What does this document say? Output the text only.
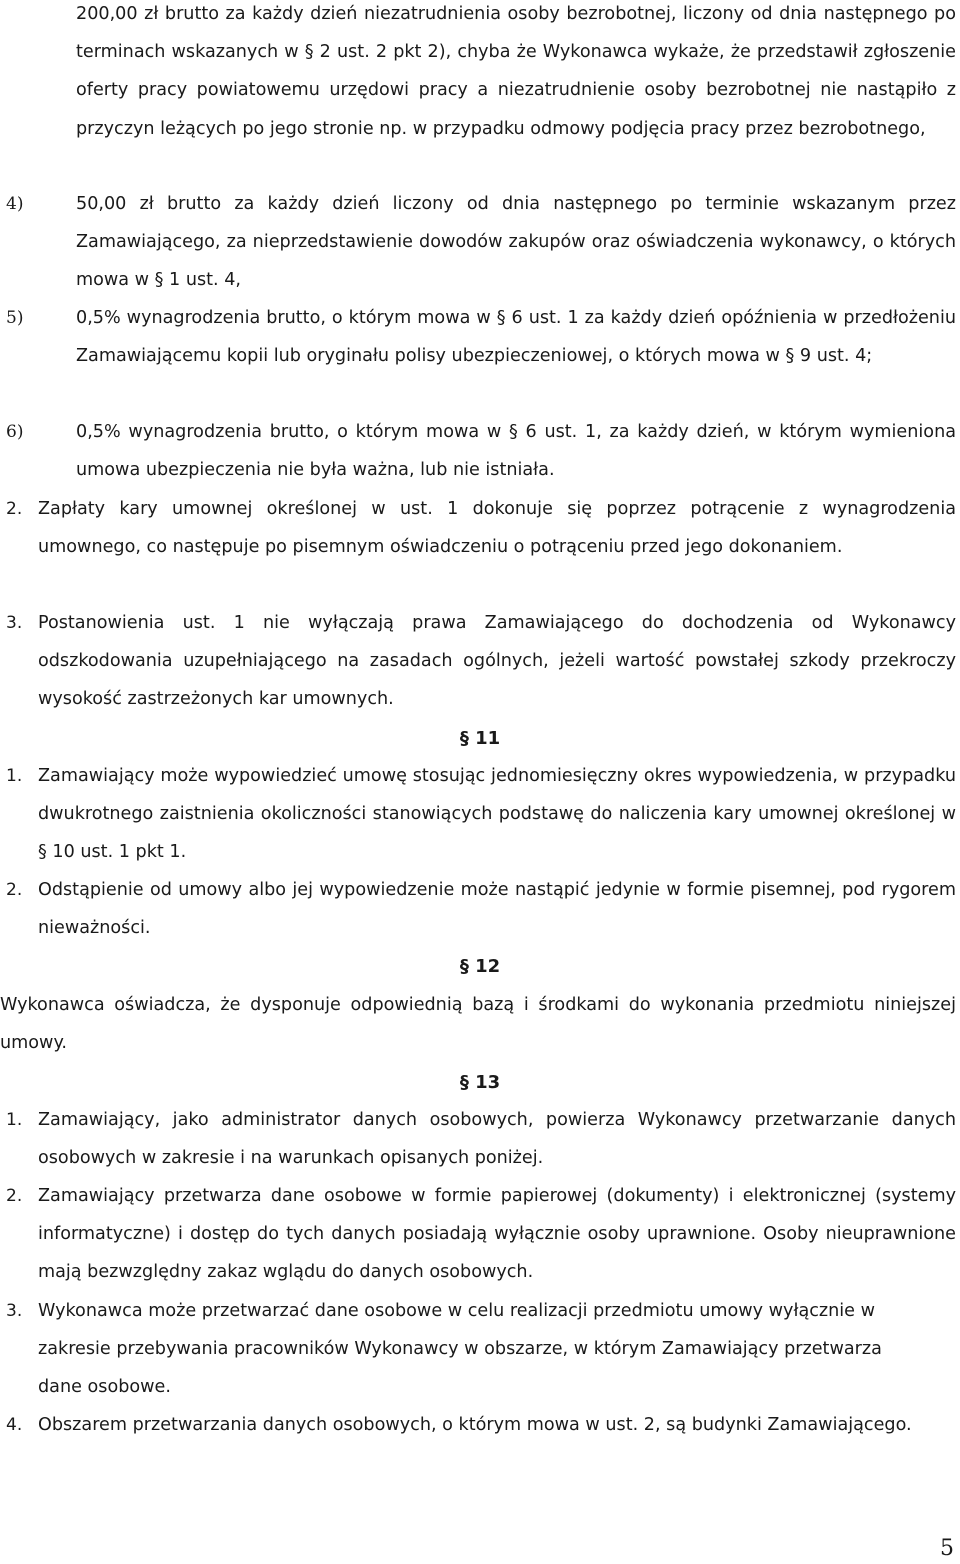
200,00 zł brutto za każdy dzień niezatrudnienia osoby bezrobotnej, liczony od dnia następnego po terminach wskazanych w § 2 ust. 2 pkt 2), chyba że Wykonawca wykaże, że przedstawił zgłoszenie oferty pracy powiatowemu urzędowi pracy a niezatrudnienie osoby bezrobotnej nie nastąpiło z przyczyn leżących po jego stronie np. w przypadku odmowy podjęcia pracy przez bezrobotnego,

4)	50,00 zł brutto za każdy dzień liczony od dnia następnego po terminie wskazanym przez Zamawiającego, za nieprzedstawienie dowodów zakupów oraz oświadczenia wykonawcy, o których mowa w § 1 ust. 4,

5)	0,5% wynagrodzenia brutto, o którym mowa w § 6 ust. 1 za każdy dzień opóźnienia w przedłożeniu Zamawiającemu kopii lub oryginału polisy ubezpieczeniowej, o których mowa w § 9 ust. 4;

6)	0,5% wynagrodzenia brutto, o którym mowa w § 6 ust. 1, za każdy dzień, w którym wymieniona umowa ubezpieczenia nie była ważna, lub nie istniała.

2. Zapłaty kary umownej określonej w ust. 1 dokonuje się poprzez potrącenie z wynagrodzenia umownego, co następuje po pisemnym oświadczeniu o potrąceniu przed jego dokonaniem.

3. Postanowienia ust. 1 nie wyłączają prawa Zamawiającego do dochodzenia od Wykonawcy odszkodowania uzupełniającego na zasadach ogólnych, jeżeli wartość powstałej szkody przekroczy wysokość zastrzeżonych kar umownych.

§ 11
1. Zamawiający może wypowiedzieć umowę stosując jednomiesięczny okres wypowiedzenia, w przypadku dwukrotnego zaistnienia okoliczności stanowiących podstawę do naliczenia kary umownej określonej w § 10 ust. 1 pkt 1.

2. Odstąpienie od umowy albo jej wypowiedzenie może nastąpić jedynie w formie pisemnej, pod rygorem nieważności.

§ 12

Wykonawca oświadcza, że dysponuje odpowiednią bazą i środkami do wykonania przedmiotu niniejszej umowy.

§ 13
1. Zamawiający, jako administrator danych osobowych, powierza Wykonawcy przetwarzanie danych osobowych w zakresie i na warunkach opisanych poniżej.

2. Zamawiający przetwarza dane osobowe w formie papierowej (dokumenty) i elektronicznej (systemy informatyczne) i dostęp do tych danych posiadają wyłącznie osoby uprawnione. Osoby nieuprawnione mają bezwzględny zakaz wglądu do danych osobowych.

3. Wykonawca może przetwarzać dane osobowe w celu realizacji przedmiotu umowy wyłącznie w zakresie przebywania pracowników Wykonawcy w obszarze, w którym Zamawiający przetwarza dane osobowe.

4. Obszarem przetwarzania danych osobowych, o którym mowa w ust. 2, są budynki Zamawiającego.

5
